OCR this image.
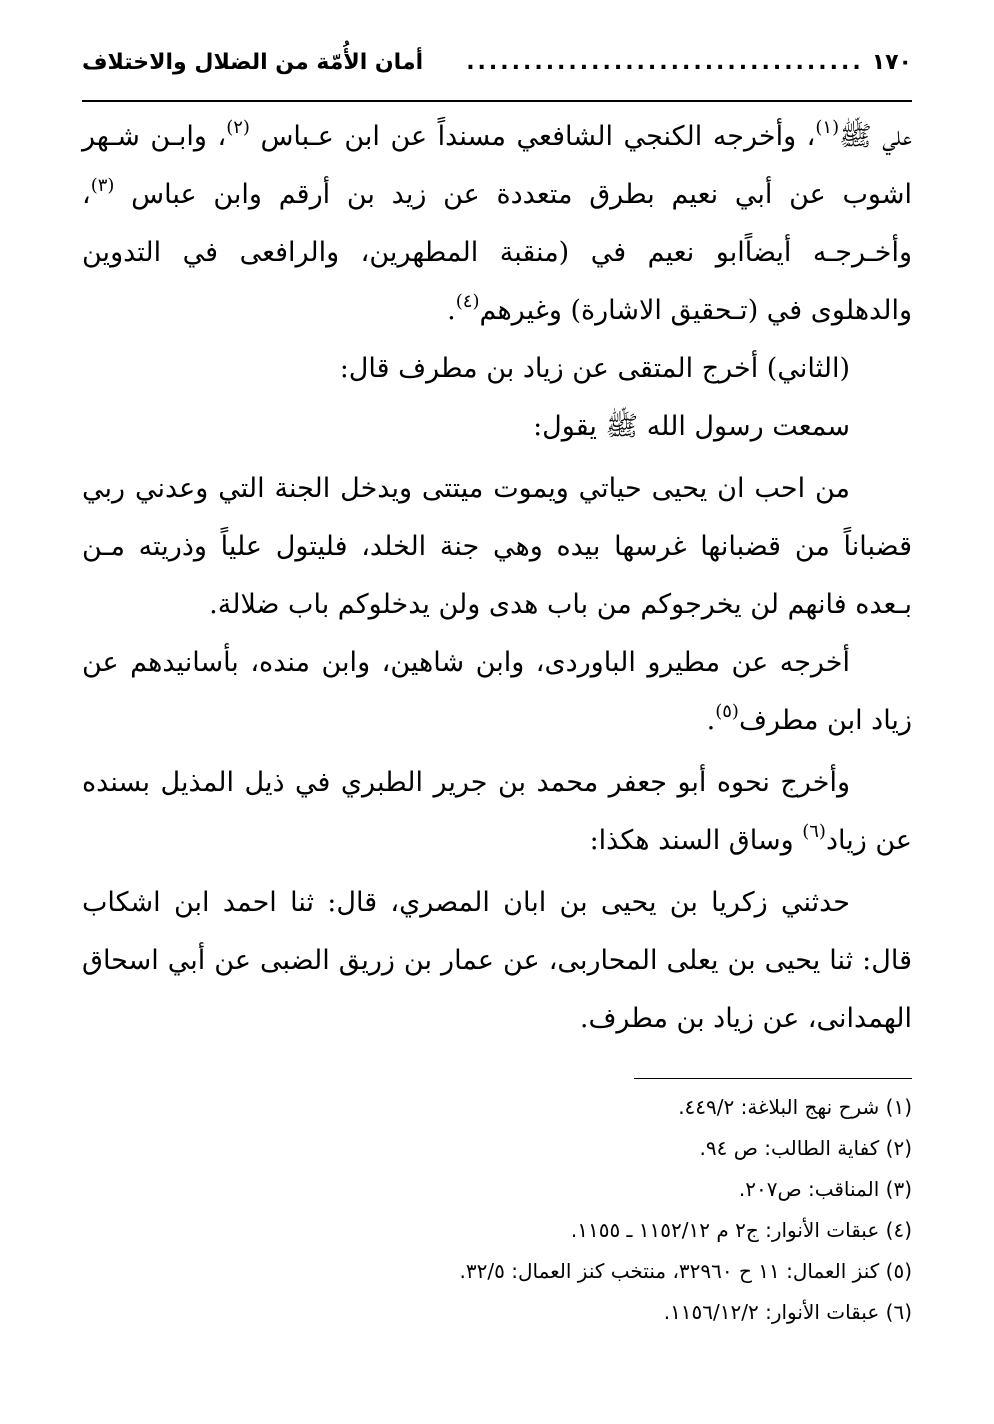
١٧٠
...................................
أمان الأُمّة من الضلال والاختلاف

علي ﷺ$^{(١)}$، وأخرجه الكنجي الشافعي مسنداً عن ابن عـباس $^{(٢)}$، وابـن شـهر اشوب عن أبي نعيم بطرق متعددة عن زيد بن أرقم وابن عباس $^{(٣)}$، وأخـرجـه أيضاًابو نعيم في (منقبة المطهرين، والرافعى في التدوين والدهلوى في (تـحقيق الاشارة) وغيرهم$^{(٤)}$.

(الثاني) أخرج المتقى عن زياد بن مطرف قال:

سمعت رسول الله ﷺ يقول:

من احب ان يحيى حياتي ويموت ميتتى ويدخل الجنة التي وعدني ربي قضباناً من قضبانها غرسها بيده وهي جنة الخلد، فليتول علياً وذريته مـن بـعده فانهم لن يخرجوكم من باب هدى ولن يدخلوكم باب ضلالة.

أخرجه عن مطيرو الباوردى، وابن شاهين، وابن منده، بأسانيدهم عن زياد ابن مطرف$^{(٥)}$.

وأخرج نحوه أبو جعفر محمد بن جرير الطبري في ذيل المذيل بسنده عن زياد$^{(٦)}$ وساق السند هكذا:

حدثني زكريا بن يحيى بن ابان المصري، قال: ثنا احمد ابن اشكاب قال: ثنا يحيى بن يعلى المحاربى، عن عمار بن زريق الضبى عن أبي اسحاق الهمدانى، عن زياد بن مطرف.

(١) شرح نهج البلاغة: ٤٤٩/٢.
(٢) كفاية الطالب: ص ٩٤.
(٣) المناقب: ص٢٠٧.
(٤) عبقات الأنوار: ج٢ م ١١٥٢/١٢ ـ ١١٥٥.
(٥) كنز العمال: ١١ ح ٣٢٩٦٠، منتخب كنز العمال: ٣٢/٥.
(٦) عبقات الأنوار: ١١٥٦/١٢/٢.
